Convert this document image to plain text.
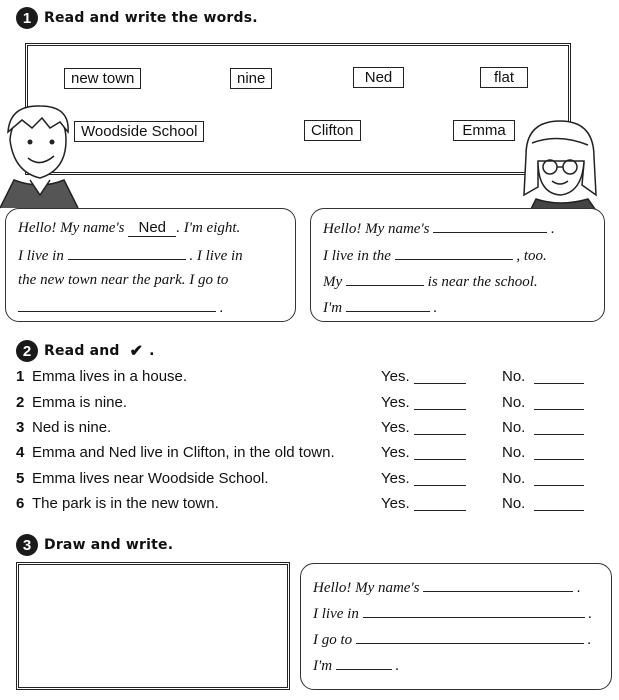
1 Read and write the words.
new town	nine	Ned	flat
Woodside School	Clifton	Emma
Hello! My name's Ned . I'm eight.
I live in	. I live in
the new town near the park. I go to
.
Hello! My name's	.
I live in the	, too.
My	is near the school.
I'm	.
2 Read and ✔ .
1 Emma lives in a house.	Yes.	No.
2 Emma is nine.	Yes.	No.
3 Ned is nine.	Yes.	No.
4 Emma and Ned live in Clifton, in the old town.	Yes.	No.
5 Emma lives near Woodside School.	Yes.	No.
6 The park is in the new town.	Yes.	No.
3 Draw and write.
Hello! My name's	.
I live in	.
I go to	.
I'm	.
